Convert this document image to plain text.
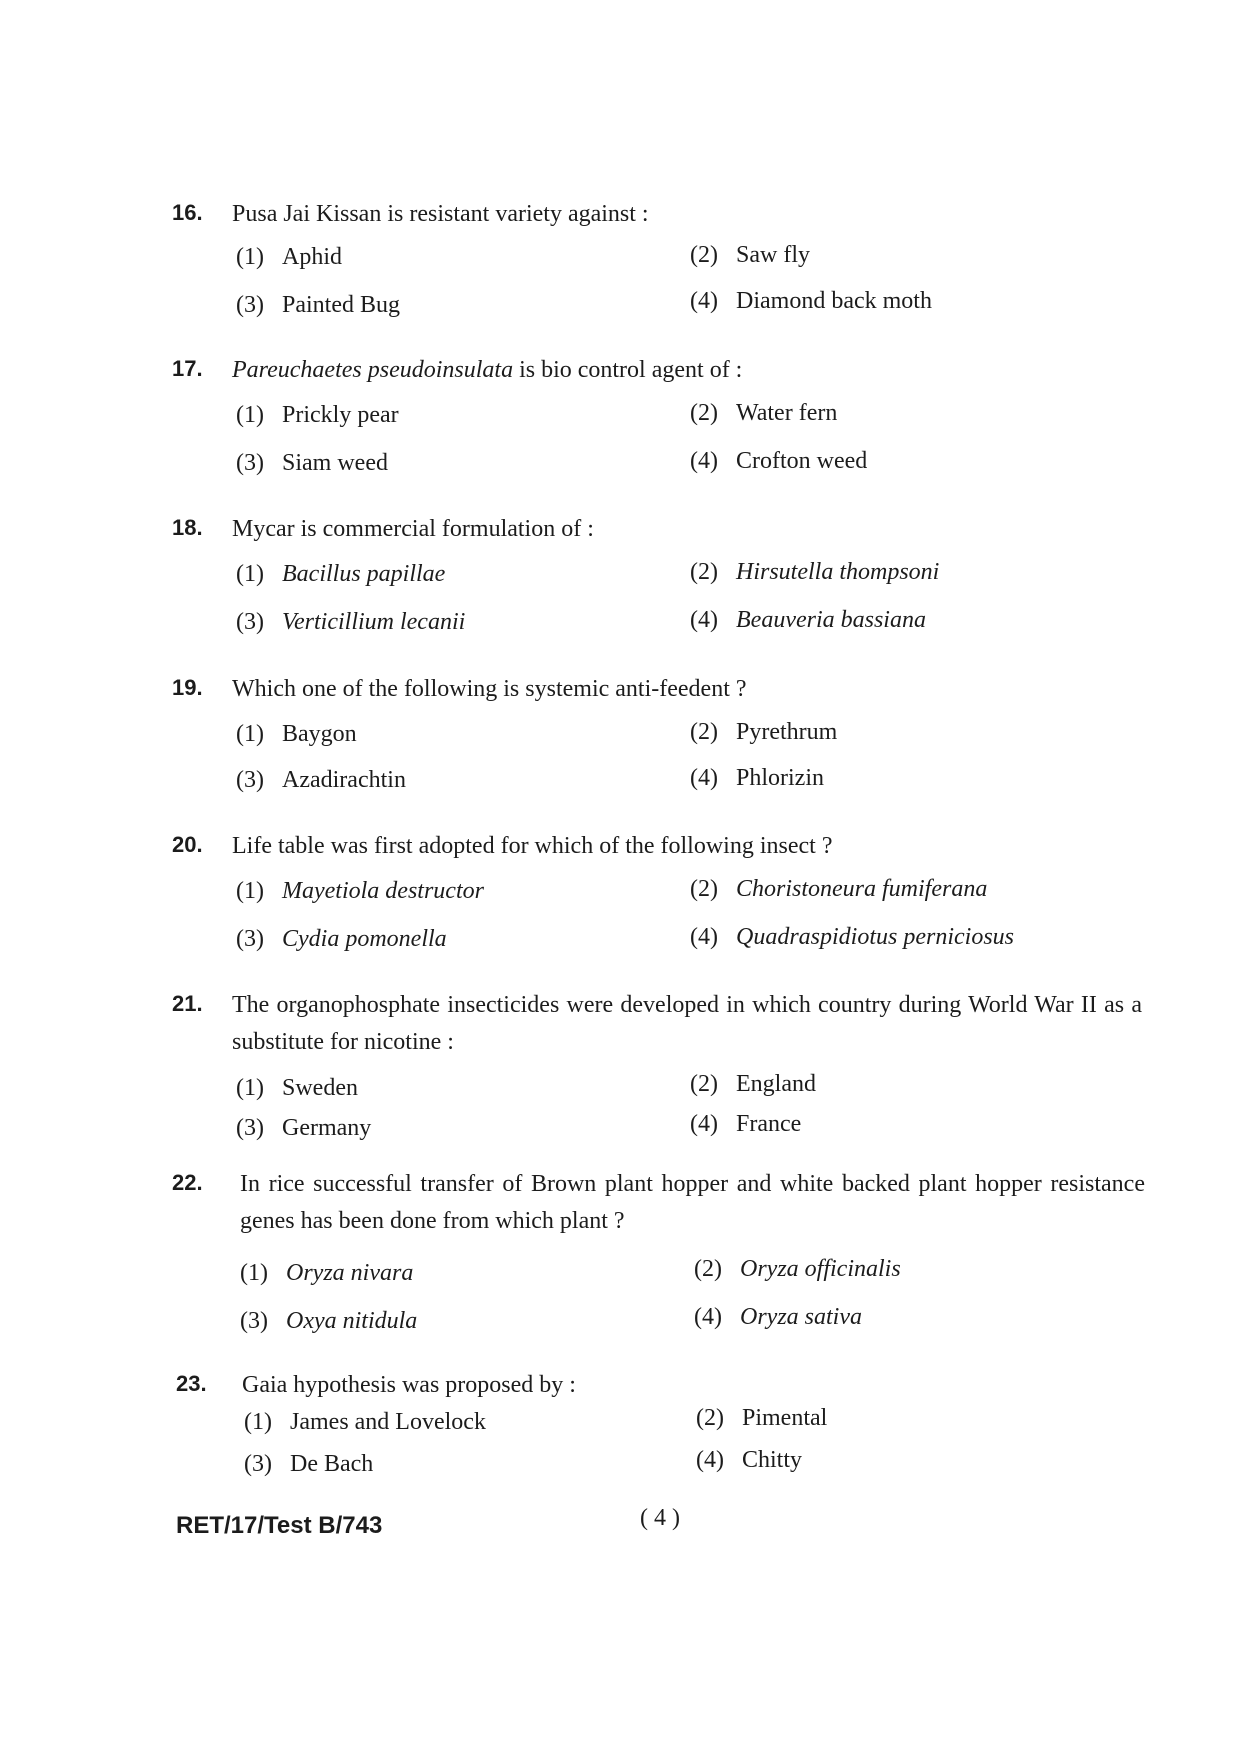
16. Pusa Jai Kissan is resistant variety against :
(1) Aphid	(2) Saw fly
(3) Painted Bug	(4) Diamond back moth
17. Pareuchaetes pseudoinsulata is bio control agent of :
(1) Prickly pear	(2) Water fern
(3) Siam weed	(4) Crofton weed
18. Mycar is commercial formulation of :
(1) Bacillus papillae	(2) Hirsutella thompsoni
(3) Verticillium lecanii	(4) Beauveria bassiana
19. Which one of the following is systemic anti-feedent ?
(1) Baygon	(2) Pyrethrum
(3) Azadirachtin	(4) Phlorizin
20. Life table was first adopted for which of the following insect ?
(1) Mayetiola destructor	(2) Choristoneura fumiferana
(3) Cydia pomonella	(4) Quadraspidiotus perniciosus
21. The organophosphate insecticides were developed in which country during World War II as a substitute for nicotine :
(1) Sweden	(2) England
(3) Germany	(4) France
22. In rice successful transfer of Brown plant hopper and white backed plant hopper resistance genes has been done from which plant ?
(1) Oryza nivara	(2) Oryza officinalis
(3) Oxya nitidula	(4) Oryza sativa
23. Gaia hypothesis was proposed by :
(1) James and Lovelock	(2) Pimental
(3) De Bach	(4) Chitty
RET/17/Test B/743	( 4 )
